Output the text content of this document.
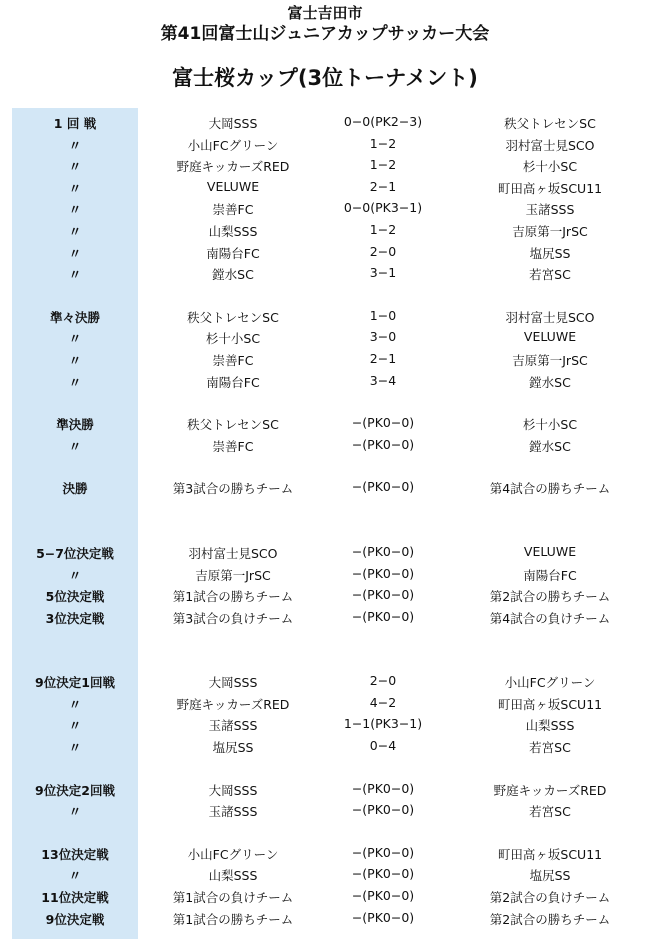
富士吉田市
第41回富士山ジュニアカップサッカー大会
富士桜カップ(3位トーナメント)
1 回 戦	大岡SSS	0−0(PK2−3)	秩父トレセンSC
〃	小山FCグリーン	1−2	羽村富士見SCO
〃	野庭キッカーズRED	1−2	杉十小SC
〃	VELUWE	2−1	町田高ヶ坂SCU11
〃	崇善FC	0−0(PK3−1)	玉諸SSS
〃	山梨SSS	1−2	吉原第一JrSC
〃	南陽台FC	2−0	塩尻SS
〃	鏜水SC	3−1	若宮SC
準々決勝	秩父トレセンSC	1−0	羽村富士見SCO
〃	杉十小SC	3−0	VELUWE
〃	崇善FC	2−1	吉原第一JrSC
〃	南陽台FC	3−4	鏜水SC
準決勝	秩父トレセンSC	−(PK0−0)	杉十小SC
〃	崇善FC	−(PK0−0)	鏜水SC
決勝	第3試合の勝ちチーム	−(PK0−0)	第4試合の勝ちチーム
5−7位決定戦	羽村富士見SCO	−(PK0−0)	VELUWE
〃	吉原第一JrSC	−(PK0−0)	南陽台FC
5位決定戦	第1試合の勝ちチーム	−(PK0−0)	第2試合の勝ちチーム
3位決定戦	第3試合の負けチーム	−(PK0−0)	第4試合の負けチーム
9位決定1回戦	大岡SSS	2−0	小山FCグリーン
〃	野庭キッカーズRED	4−2	町田高ヶ坂SCU11
〃	玉諸SSS	1−1(PK3−1)	山梨SSS
〃	塩尻SS	0−4	若宮SC
9位決定2回戦	大岡SSS	−(PK0−0)	野庭キッカーズRED
〃	玉諸SSS	−(PK0−0)	若宮SC
13位決定戦	小山FCグリーン	−(PK0−0)	町田高ヶ坂SCU11
〃	山梨SSS	−(PK0−0)	塩尻SS
11位決定戦	第1試合の負けチーム	−(PK0−0)	第2試合の負けチーム
9位決定戦	第1試合の勝ちチーム	−(PK0−0)	第2試合の勝ちチーム
